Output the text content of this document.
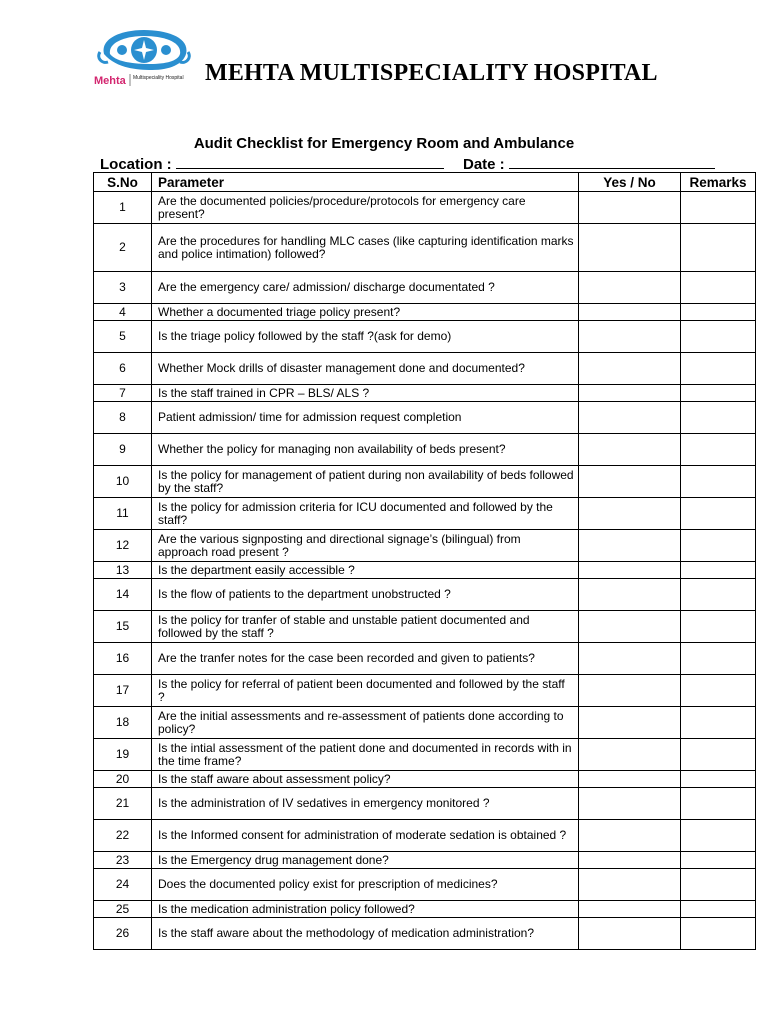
Mehta Multispeciality Hospital MEHTA MULTISPECIALITY HOSPITAL
Audit Checklist for Emergency Room and Ambulance
Location :	Date :
S.No	Parameter	Yes / No	Remarks
1	Are the documented policies/procedure/protocols for emergency care present?		
2	Are the procedures for handling MLC cases (like capturing identification marks and police intimation) followed?		
3	Are the emergency care/ admission/ discharge documentated ?		
4	Whether a documented triage policy present?		
5	Is the triage policy followed by the staff ?(ask for demo)		
6	Whether Mock drills of disaster management done and documented?		
7	Is the staff trained in CPR – BLS/ ALS ?		
8	Patient admission/ time for admission request completion		
9	Whether the policy for managing non availability of beds present?		
10	Is the policy for management of patient during non availability of beds followed by the staff?		
11	Is the policy for admission criteria for ICU documented and followed by the staff?		
12	Are the various signposting and directional signage’s (bilingual) from approach road present ?		
13	Is the department easily accessible ?		
14	Is the flow of patients to the department unobstructed ?		
15	Is the policy for tranfer of stable and unstable patient documented and followed by the staff ?		
16	Are the tranfer notes for the case been recorded and given to patients?		
17	Is the policy for referral of patient been documented and followed by the staff ?		
18	Are the initial assessments and re-assessment of patients done according to policy?		
19	Is the intial assessment of the patient done and documented in records with in the time frame?		
20	Is the staff aware about assessment policy?		
21	Is the administration of IV sedatives in emergency monitored ?		
22	Is the Informed consent for administration of moderate sedation is obtained ?		
23	Is the Emergency drug management done?		
24	Does the documented policy exist for prescription of medicines?		
25	Is the medication administration policy followed?		
26	Is the staff aware about the methodology of medication administration?		
